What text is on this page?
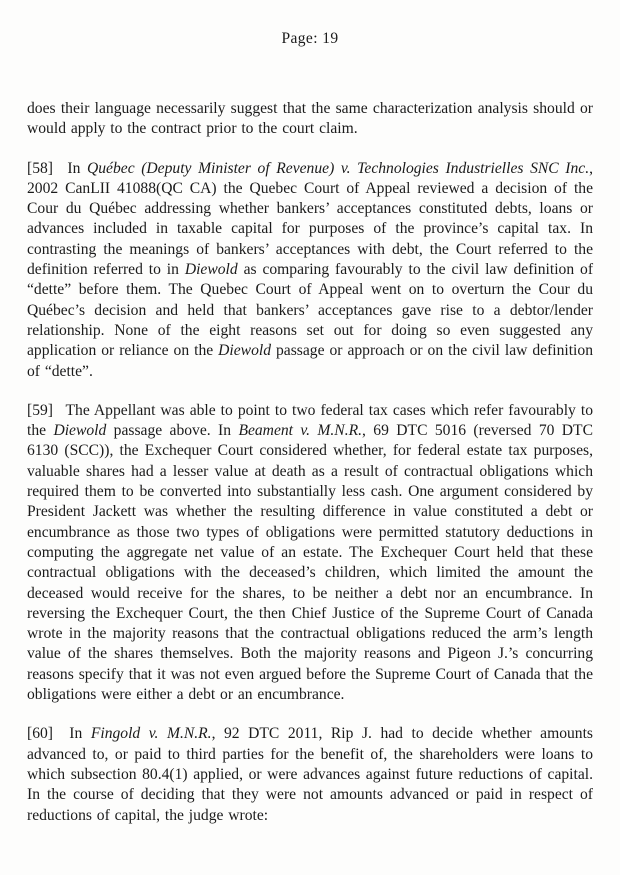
Page: 19

does their language necessarily suggest that the same characterization analysis should or would apply to the contract prior to the court claim.

[58]  In Québec (Deputy Minister of Revenue) v. Technologies Industrielles SNC Inc., 2002 CanLII 41088(QC CA) the Quebec Court of Appeal reviewed a decision of the Cour du Québec addressing whether bankers’ acceptances constituted debts, loans or advances included in taxable capital for purposes of the province’s capital tax. In contrasting the meanings of bankers’ acceptances with debt, the Court referred to the definition referred to in Diewold as comparing favourably to the civil law definition of “dette” before them. The Quebec Court of Appeal went on to overturn the Cour du Québec’s decision and held that bankers’ acceptances gave rise to a debtor/lender relationship. None of the eight reasons set out for doing so even suggested any application or reliance on the Diewold passage or approach or on the civil law definition of “dette”.

[59]  The Appellant was able to point to two federal tax cases which refer favourably to the Diewold passage above. In Beament v. M.N.R., 69 DTC 5016 (reversed 70 DTC 6130 (SCC)), the Exchequer Court considered whether, for federal estate tax purposes, valuable shares had a lesser value at death as a result of contractual obligations which required them to be converted into substantially less cash. One argument considered by President Jackett was whether the resulting difference in value constituted a debt or encumbrance as those two types of obligations were permitted statutory deductions in computing the aggregate net value of an estate. The Exchequer Court held that these contractual obligations with the deceased’s children, which limited the amount the deceased would receive for the shares, to be neither a debt nor an encumbrance. In reversing the Exchequer Court, the then Chief Justice of the Supreme Court of Canada wrote in the majority reasons that the contractual obligations reduced the arm’s length value of the shares themselves. Both the majority reasons and Pigeon J.’s concurring reasons specify that it was not even argued before the Supreme Court of Canada that the obligations were either a debt or an encumbrance.

[60]  In Fingold v. M.N.R., 92 DTC 2011, Rip J. had to decide whether amounts advanced to, or paid to third parties for the benefit of, the shareholders were loans to which subsection 80.4(1) applied, or were advances against future reductions of capital. In the course of deciding that they were not amounts advanced or paid in respect of reductions of capital, the judge wrote:
